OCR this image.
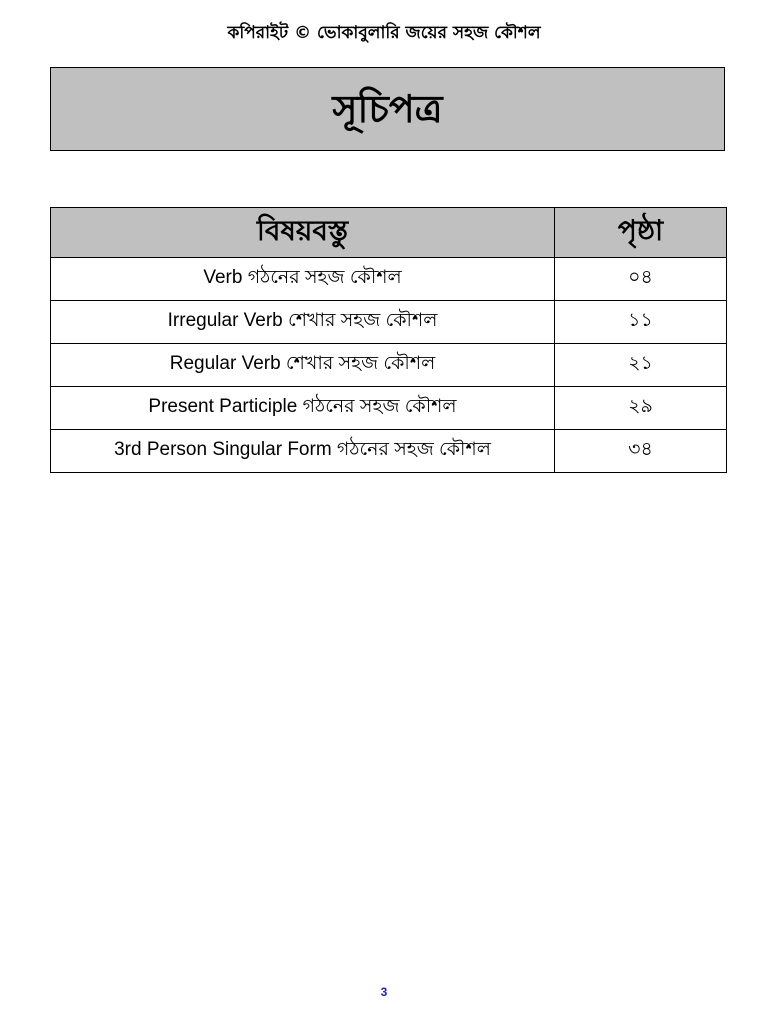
কপিরাইট © ভোকাবুলারি জয়ের সহজ কৌশল
সূচিপত্র
বিষয়বস্তু	পৃষ্ঠা
Verb গঠনের সহজ কৌশল	০৪
Irregular Verb শেখার সহজ কৌশল	১১
Regular Verb শেখার সহজ কৌশল	২১
Present Participle গঠনের সহজ কৌশল	২৯
3rd Person Singular Form গঠনের সহজ কৌশল	৩৪
3
